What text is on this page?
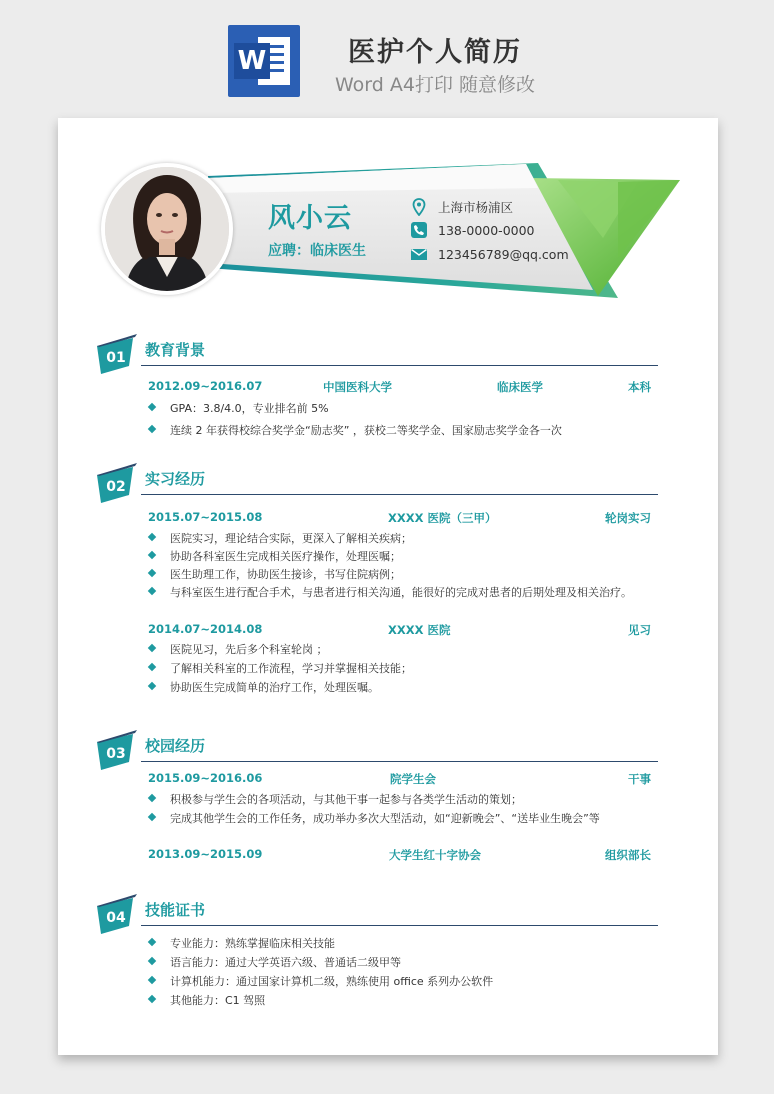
W	医护个人简历
Word A4打印 随意修改
风小云
应聘：临床医生
上海市杨浦区
138-0000-0000
123456789@qq.com
01 教育背景
2012.09~2016.07	中国医科大学	临床医学	本科
GPA：3.8/4.0，专业排名前 5%
连续 2 年获得校综合奖学金“励志奖” ，获校二等奖学金、国家励志奖学金各一次
02 实习经历
2015.07~2015.08	XXXX 医院（三甲）	轮岗实习
医院实习，理论结合实际，更深入了解相关疾病；
协助各科室医生完成相关医疗操作，处理医嘱；
医生助理工作，协助医生接诊，书写住院病例；
与科室医生进行配合手术，与患者进行相关沟通，能很好的完成对患者的后期处理及相关治疗。
2014.07~2014.08	XXXX 医院	见习
医院见习，先后多个科室轮岗 ；
了解相关科室的工作流程，学习并掌握相关技能；
协助医生完成简单的治疗工作，处理医嘱。
03 校园经历
2015.09~2016.06	院学生会	干事
积极参与学生会的各项活动，与其他干事一起参与各类学生活动的策划；
完成其他学生会的工作任务，成功举办多次大型活动，如“迎新晚会”、“送毕业生晚会”等
2013.09~2015.09	大学生红十字协会	组织部长
04 技能证书
专业能力：熟练掌握临床相关技能
语言能力：通过大学英语六级、普通话二级甲等
计算机能力：通过国家计算机二级，熟练使用 office 系列办公软件
其他能力：C1 驾照
